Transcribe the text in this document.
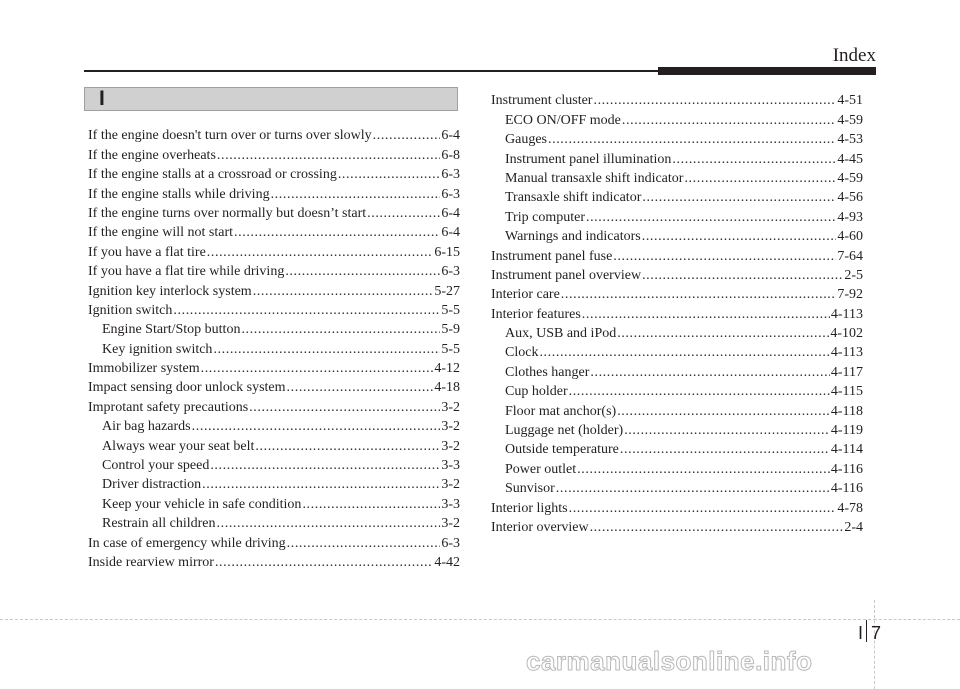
Index
I
If the engine doesn't turn over or turns over slowly .....	6-4
If the engine overheats .....	6-8
If the engine stalls at a crossroad or crossing .....	6-3
If the engine stalls while driving .....	6-3
If the engine turns over normally but doesn’t start .....	6-4
If the engine will not start .....	6-4
If you have a flat tire .....	6-15
If you have a flat tire while driving .....	6-3
Ignition key interlock system .....	5-27
Ignition switch .....	5-5
Engine Start/Stop button .....	5-9
Key ignition switch .....	5-5
Immobilizer system .....	4-12
Impact sensing door unlock system .....	4-18
Improtant safety precautions .....	3-2
Air bag hazards .....	3-2
Always wear your seat belt .....	3-2
Control your speed .....	3-3
Driver distraction .....	3-2
Keep your vehicle in safe condition .....	3-3
Restrain all children .....	3-2
In case of emergency while driving .....	6-3
Inside rearview mirror .....	4-42
Instrument cluster .....	4-51
ECO ON/OFF mode .....	4-59
Gauges .....	4-53
Instrument panel illumination .....	4-45
Manual transaxle shift indicator .....	4-59
Transaxle shift indicator .....	4-56
Trip computer .....	4-93
Warnings and indicators .....	4-60
Instrument panel fuse .....	7-64
Instrument panel overview .....	2-5
Interior care .....	7-92
Interior features .....	4-113
Aux, USB and iPod .....	4-102
Clock .....	4-113
Clothes hanger .....	4-117
Cup holder .....	4-115
Floor mat anchor(s) .....	4-118
Luggage net (holder) .....	4-119
Outside temperature .....	4-114
Power outlet .....	4-116
Sunvisor .....	4-116
Interior lights .....	4-78
Interior overview .....	2-4
I 7
carmanualsonline.info
